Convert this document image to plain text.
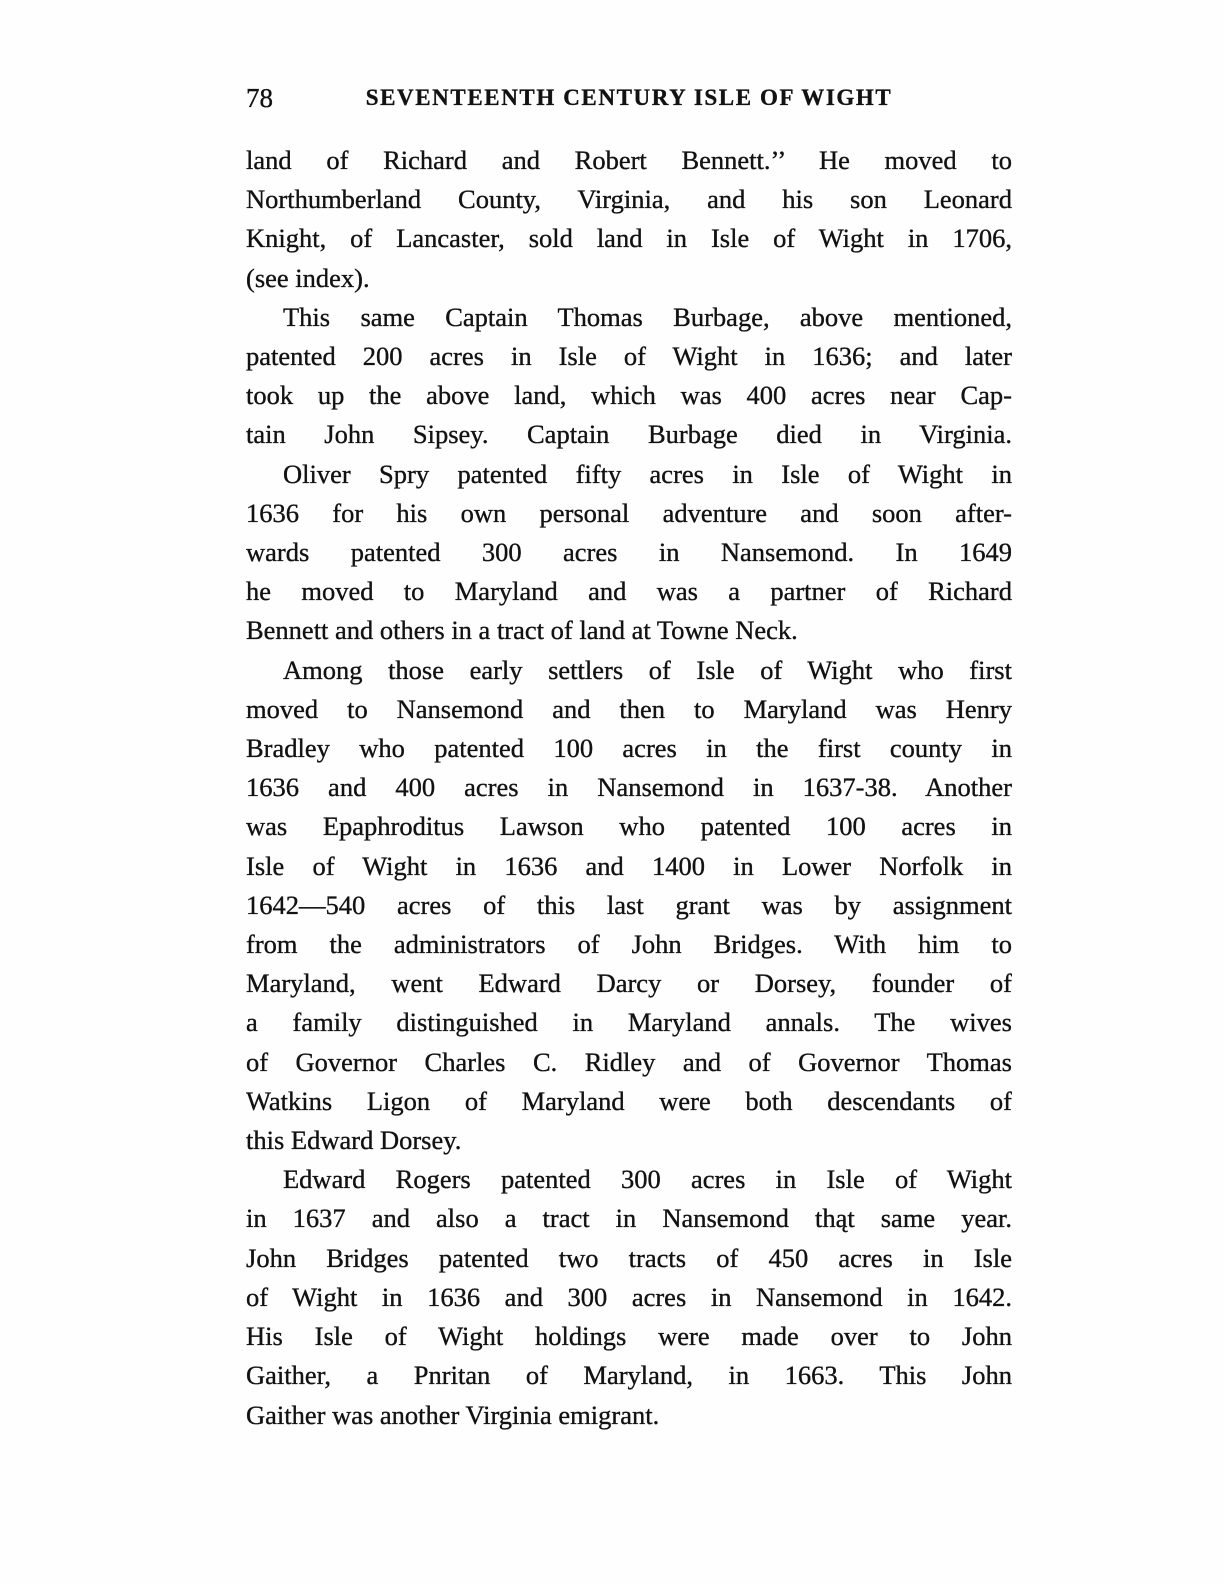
78	SEVENTEENTH CENTURY ISLE OF WIGHT
land of Richard and Robert Bennett.’’ He moved to
Northumberland County, Virginia, and his son Leonard
Knight, of Lancaster, sold land in Isle of Wight in 1706,
(see index).
This same Captain Thomas Burbage, above mentioned,
patented 200 acres in Isle of Wight in 1636; and later
took up the above land, which was 400 acres near Cap-
tain John Sipsey. Captain Burbage died in Virginia.
Oliver Spry patented fifty acres in Isle of Wight in
1636 for his own personal adventure and soon after-
wards patented 300 acres in Nansemond. In 1649
he moved to Maryland and was a partner of Richard
Bennett and others in a tract of land at Towne Neck.
Among those early settlers of Isle of Wight who first
moved to Nansemond and then to Maryland was Henry
Bradley who patented 100 acres in the first county in
1636 and 400 acres in Nansemond in 1637-38. Another
was Epaphroditus Lawson who patented 100 acres in
Isle of Wight in 1636 and 1400 in Lower Norfolk in
1642—540 acres of this last grant was by assignment
from the administrators of John Bridges. With him to
Maryland, went Edward Darcy or Dorsey, founder of
a family distinguished in Maryland annals. The wives
of Governor Charles C. Ridley and of Governor Thomas
Watkins Ligon of Maryland were both descendants of
this Edward Dorsey.
Edward Rogers patented 300 acres in Isle of Wight
in 1637 and also a tract in Nansemond thąt same year.
John Bridges patented two tracts of 450 acres in Isle
of Wight in 1636 and 300 acres in Nansemond in 1642.
His Isle of Wight holdings were made over to John
Gaither, a Pnritan of Maryland, in 1663. This John
Gaither was another Virginia emigrant.
